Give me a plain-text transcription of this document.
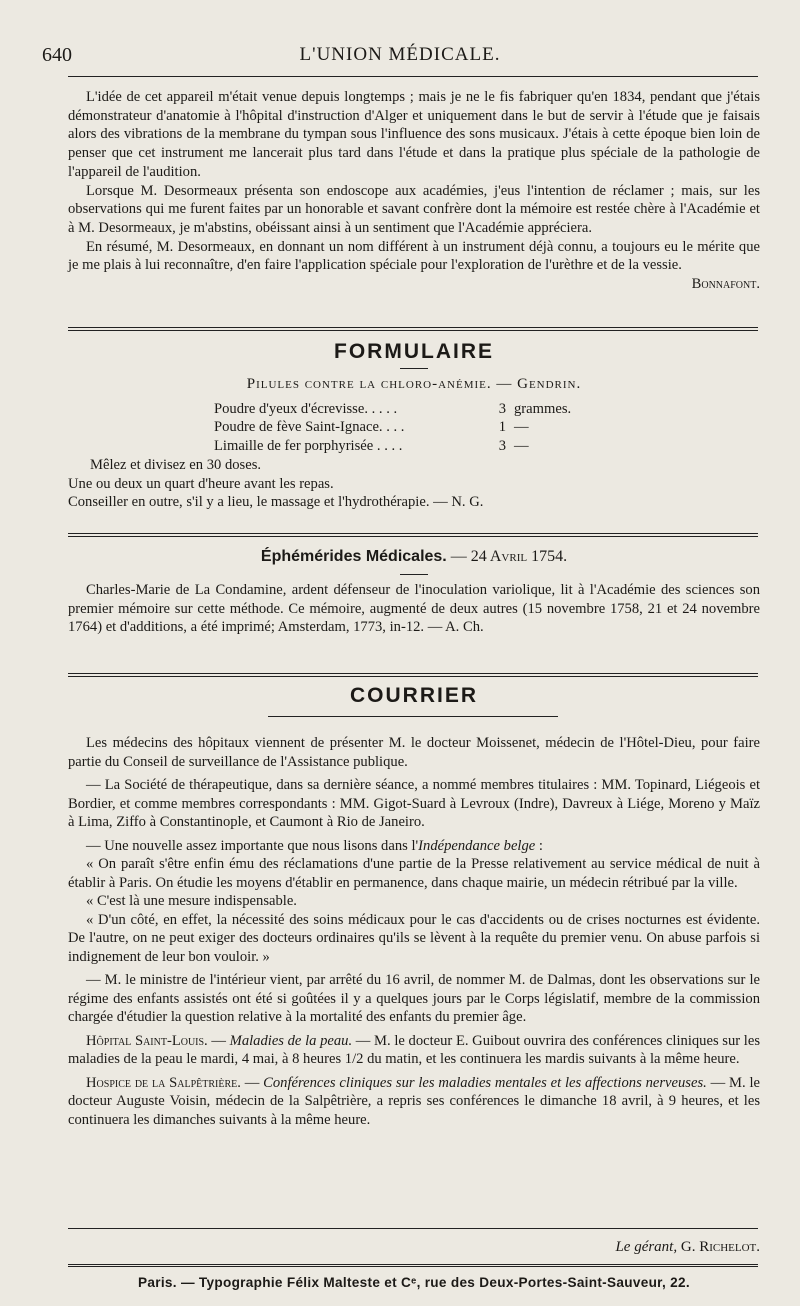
640	L'UNION MÉDICALE.
L'idée de cet appareil m'était venue depuis longtemps ; mais je ne le fis fabriquer qu'en 1834, pendant que j'étais démonstrateur d'anatomie à l'hôpital d'instruction d'Alger et uniquement dans le but de servir à l'étude que je faisais alors des vibrations de la membrane du tympan sous l'influence des sons musicaux. J'étais à cette époque bien loin de penser que cet instrument me lancerait plus tard dans l'étude et dans la pratique plus spéciale de la pathologie de l'appareil de l'audition.
Lorsque M. Desormeaux présenta son endoscope aux académies, j'eus l'intention de réclamer ; mais, sur les observations qui me furent faites par un honorable et savant confrère dont la mémoire est restée chère à l'Académie et à M. Desormeaux, je m'abstins, obéissant ainsi à un sentiment que l'Académie appréciera.
En résumé, M. Desormeaux, en donnant un nom différent à un instrument déjà connu, a toujours eu le mérite que je me plais à lui reconnaître, d'en faire l'application spéciale pour l'exploration de l'urèthre et de la vessie.
Bonnafont.
FORMULAIRE
Pilules contre la chloro-anémie. — Gendrin.
Poudre d'yeux d'écrevisse. . . . .	3 grammes.
Poudre de fève Saint-Ignace. . . .	1 —
Limaille de fer porphyrisée . . . .	3 —
Mêlez et divisez en 30 doses.
Une ou deux un quart d'heure avant les repas.
Conseiller en outre, s'il y a lieu, le massage et l'hydrothérapie. — N. G.
Éphémérides Médicales. — 24 Avril 1754.
Charles-Marie de La Condamine, ardent défenseur de l'inoculation variolique, lit à l'Académie des sciences son premier mémoire sur cette méthode. Ce mémoire, augmenté de deux autres (15 novembre 1758, 21 et 24 novembre 1764) et d'additions, a été imprimé; Amsterdam, 1773, in-12. — A. Ch.
COURRIER
Les médecins des hôpitaux viennent de présenter M. le docteur Moissenet, médecin de l'Hôtel-Dieu, pour faire partie du Conseil de surveillance de l'Assistance publique.
— La Société de thérapeutique, dans sa dernière séance, a nommé membres titulaires : MM. Topinard, Liégeois et Bordier, et comme membres correspondants : MM. Gigot-Suard à Levroux (Indre), Davreux à Liége, Moreno y Maïz à Lima, Ziffo à Constantinople, et Caumont à Rio de Janeiro.
— Une nouvelle assez importante que nous lisons dans l'Indépendance belge :
« On paraît s'être enfin ému des réclamations d'une partie de la Presse relativement au service médical de nuit à établir à Paris. On étudie les moyens d'établir en permanence, dans chaque mairie, un médecin rétribué par la ville.
« C'est là une mesure indispensable.
« D'un côté, en effet, la nécessité des soins médicaux pour le cas d'accidents ou de crises nocturnes est évidente. De l'autre, on ne peut exiger des docteurs ordinaires qu'ils se lèvent à la requête du premier venu. On abuse parfois si indignement de leur bon vouloir. »
— M. le ministre de l'intérieur vient, par arrêté du 16 avril, de nommer M. de Dalmas, dont les observations sur le régime des enfants assistés ont été si goûtées il y a quelques jours par le Corps législatif, membre de la commission chargée d'étudier la question relative à la mortalité des enfants du premier âge.
Hôpital Saint-Louis. — Maladies de la peau. — M. le docteur E. Guibout ouvrira des conférences cliniques sur les maladies de la peau le mardi, 4 mai, à 8 heures 1/2 du matin, et les continuera les mardis suivants à la même heure.
Hospice de la Salpêtrière. — Conférences cliniques sur les maladies mentales et les affections nerveuses. — M. le docteur Auguste Voisin, médecin de la Salpêtrière, a repris ses conférences le dimanche 18 avril, à 9 heures, et les continuera les dimanches suivants à la même heure.
Le gérant, G. Richelot.
Paris. — Typographie Félix Malteste et Cᵉ, rue des Deux-Portes-Saint-Sauveur, 22.
